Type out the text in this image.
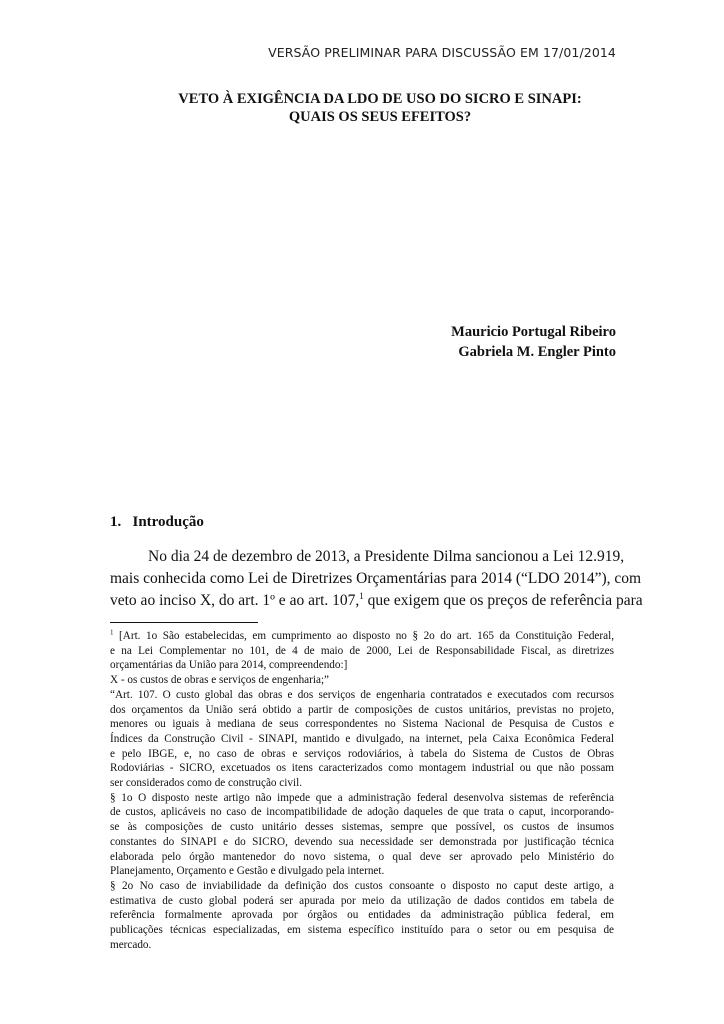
VERSÃO PRELIMINAR PARA DISCUSSÃO EM 17/01/2014
VETO À EXIGÊNCIA DA LDO DE USO DO SICRO E SINAPI:
QUAIS OS SEUS EFEITOS?
Mauricio Portugal Ribeiro
Gabriela M. Engler Pinto
1. Introdução
No dia 24 de dezembro de 2013, a Presidente Dilma sancionou a Lei 12.919,
mais conhecida como Lei de Diretrizes Orçamentárias para 2014 (“LDO 2014”), com
veto ao inciso X, do art. 1º e ao art. 107,$^1$ que exigem que os preços de referência para
$^1$ [Art. 1o São estabelecidas, em cumprimento ao disposto no § 2o do art. 165 da Constituição Federal,
e na Lei Complementar no 101, de 4 de maio de 2000, Lei de Responsabilidade Fiscal, as diretrizes
orçamentárias da União para 2014, compreendendo:]
X - os custos de obras e serviços de engenharia;”
“Art. 107. O custo global das obras e dos serviços de engenharia contratados e executados com recursos
dos orçamentos da União será obtido a partir de composições de custos unitários, previstas no projeto,
menores ou iguais à mediana de seus correspondentes no Sistema Nacional de Pesquisa de Custos e
Índices da Construção Civil - SINAPI, mantido e divulgado, na internet, pela Caixa Econômica Federal
e pelo IBGE, e, no caso de obras e serviços rodoviários, à tabela do Sistema de Custos de Obras
Rodoviárias - SICRO, excetuados os itens caracterizados como montagem industrial ou que não possam
ser considerados como de construção civil.
§ 1o O disposto neste artigo não impede que a administração federal desenvolva sistemas de referência
de custos, aplicáveis no caso de incompatibilidade de adoção daqueles de que trata o caput, incorporando-
se às composições de custo unitário desses sistemas, sempre que possível, os custos de insumos
constantes do SINAPI e do SICRO, devendo sua necessidade ser demonstrada por justificação técnica
elaborada pelo órgão mantenedor do novo sistema, o qual deve ser aprovado pelo Ministério do
Planejamento, Orçamento e Gestão e divulgado pela internet.
§ 2o No caso de inviabilidade da definição dos custos consoante o disposto no caput deste artigo, a
estimativa de custo global poderá ser apurada por meio da utilização de dados contidos em tabela de
referência formalmente aprovada por órgãos ou entidades da administração pública federal, em
publicações técnicas especializadas, em sistema específico instituído para o setor ou em pesquisa de
mercado.
